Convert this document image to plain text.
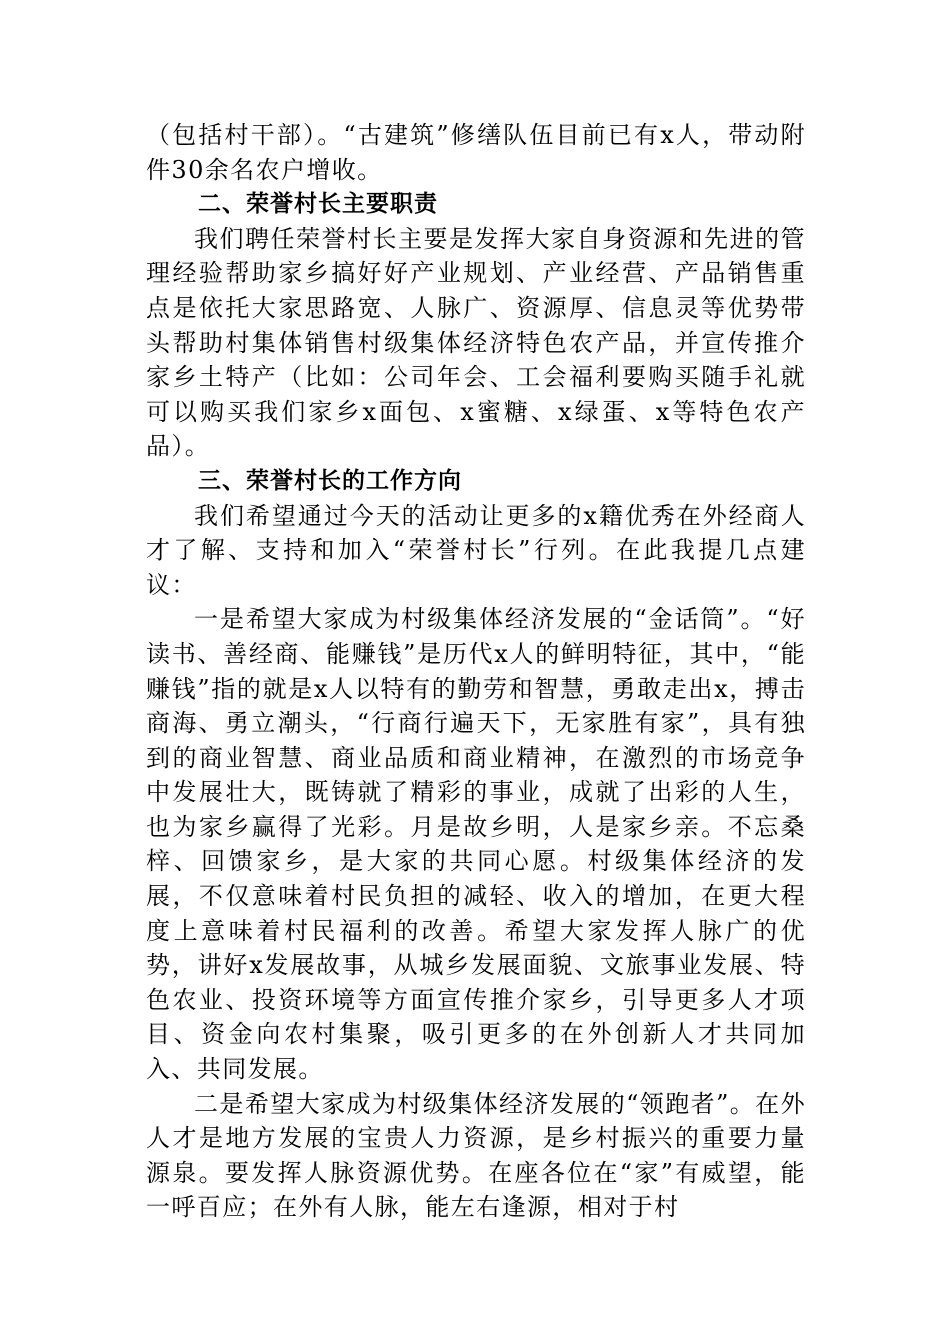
（包括村干部）。“古建筑”修缮队伍目前已有x人，带动附件30余名农户增收。

二、荣誉村长主要职责

我们聘任荣誉村长主要是发挥大家自身资源和先进的管理经验帮助家乡搞好好产业规划、产业经营、产品销售重点是依托大家思路宽、人脉广、资源厚、信息灵等优势带头帮助村集体销售村级集体经济特色农产品，并宣传推介家乡土特产（比如：公司年会、工会福利要购买随手礼就可以购买我们家乡x面包、x蜜糖、x绿蛋、x等特色农产品）。

三、荣誉村长的工作方向

我们希望通过今天的活动让更多的x籍优秀在外经商人才了解、支持和加入“荣誉村长”行列。在此我提几点建议：

一是希望大家成为村级集体经济发展的“金话筒”。“好读书、善经商、能赚钱”是历代x人的鲜明特征，其中，“能赚钱”指的就是x人以特有的勤劳和智慧，勇敢走出x，搏击商海、勇立潮头，“行商行遍天下，无家胜有家”，具有独到的商业智慧、商业品质和商业精神，在激烈的市场竞争中发展壮大，既铸就了精彩的事业，成就了出彩的人生，也为家乡赢得了光彩。月是故乡明，人是家乡亲。不忘桑梓、回馈家乡，是大家的共同心愿。村级集体经济的发展，不仅意味着村民负担的减轻、收入的增加，在更大程度上意味着村民福利的改善。希望大家发挥人脉广的优势，讲好x发展故事，从城乡发展面貌、文旅事业发展、特色农业、投资环境等方面宣传推介家乡，引导更多人才项目、资金向农村集聚，吸引更多的在外创新人才共同加入、共同发展。

二是希望大家成为村级集体经济发展的“领跑者”。在外人才是地方发展的宝贵人力资源，是乡村振兴的重要力量源泉。要发挥人脉资源优势。在座各位在“家”有威望，能一呼百应；在外有人脉，能左右逢源，相对于村
